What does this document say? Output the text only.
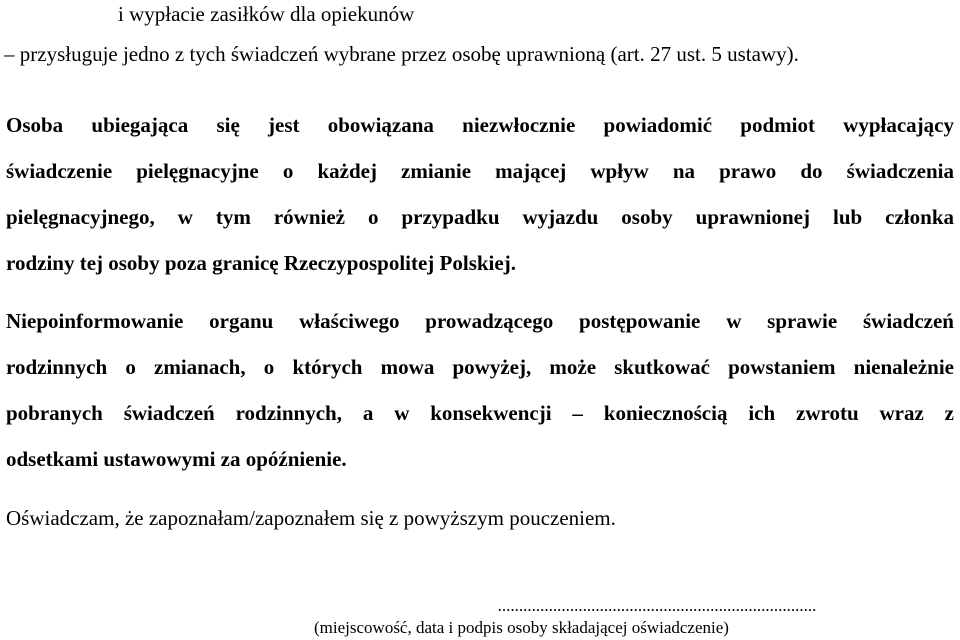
i wypłacie zasiłków dla opiekunów

– przysługuje jedno z tych świadczeń wybrane przez osobę uprawnioną (art. 27 ust. 5 ustawy).

Osoba ubiegająca się jest obowiązana niezwłocznie powiadomić podmiot wypłacający
świadczenie pielęgnacyjne o każdej zmianie mającej wpływ na prawo do świadczenia
pielęgnacyjnego, w tym również o przypadku wyjazdu osoby uprawnionej lub członka
rodziny tej osoby poza granicę Rzeczypospolitej Polskiej.
Niepoinformowanie organu właściwego prowadzącego postępowanie w sprawie świadczeń
rodzinnych o zmianach, o których mowa powyżej, może skutkować powstaniem nienależnie
pobranych świadczeń rodzinnych, a w konsekwencji – koniecznością ich zwrotu wraz z
odsetkami ustawowymi za opóźnienie.

Oświadczam, że zapoznałam/zapoznałem się z powyższym pouczeniem.

...........................................................................
(miejscowość, data i podpis osoby składającej oświadczenie)
